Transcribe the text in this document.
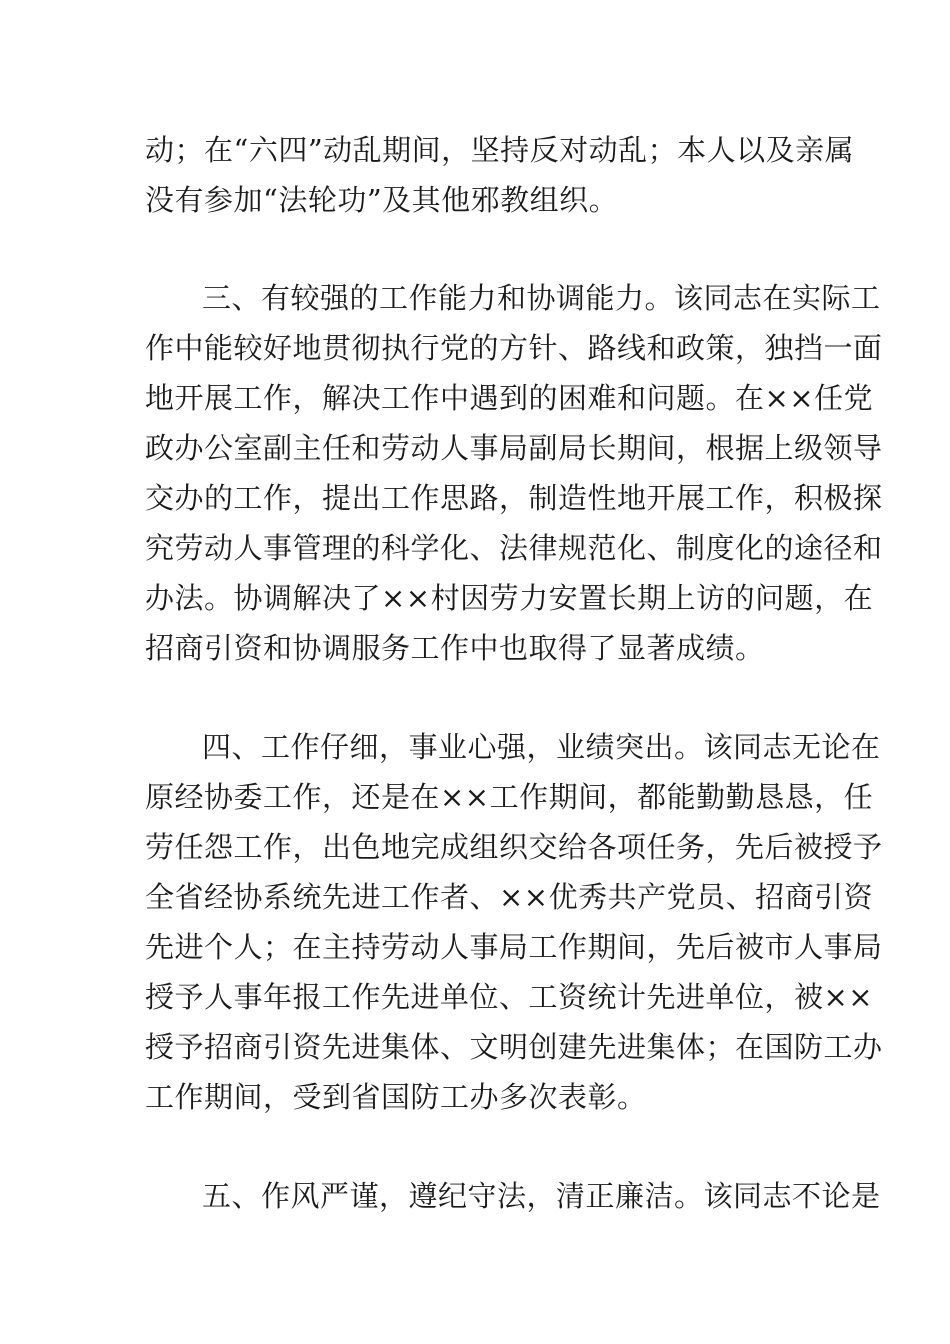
动；在“六四”动乱期间，坚持反对动乱；本人以及亲属
没有参加“法轮功”及其他邪教组织。
三、有较强的工作能力和协调能力。该同志在实际工
作中能较好地贯彻执行党的方针、路线和政策，独挡一面
地开展工作，解决工作中遇到的困难和问题。在××任党
政办公室副主任和劳动人事局副局长期间，根据上级领导
交办的工作，提出工作思路，制造性地开展工作，积极探
究劳动人事管理的科学化、法律规范化、制度化的途径和
办法。协调解决了××村因劳力安置长期上访的问题，在
招商引资和协调服务工作中也取得了显著成绩。
四、工作仔细，事业心强，业绩突出。该同志无论在
原经协委工作，还是在××工作期间，都能勤勤恳恳，任
劳任怨工作，出色地完成组织交给各项任务，先后被授予
全省经协系统先进工作者、××优秀共产党员、招商引资
先进个人；在主持劳动人事局工作期间，先后被市人事局
授予人事年报工作先进单位、工资统计先进单位，被××
授予招商引资先进集体、文明创建先进集体；在国防工办
工作期间，受到省国防工办多次表彰。
五、作风严谨，遵纪守法，清正廉洁。该同志不论是
